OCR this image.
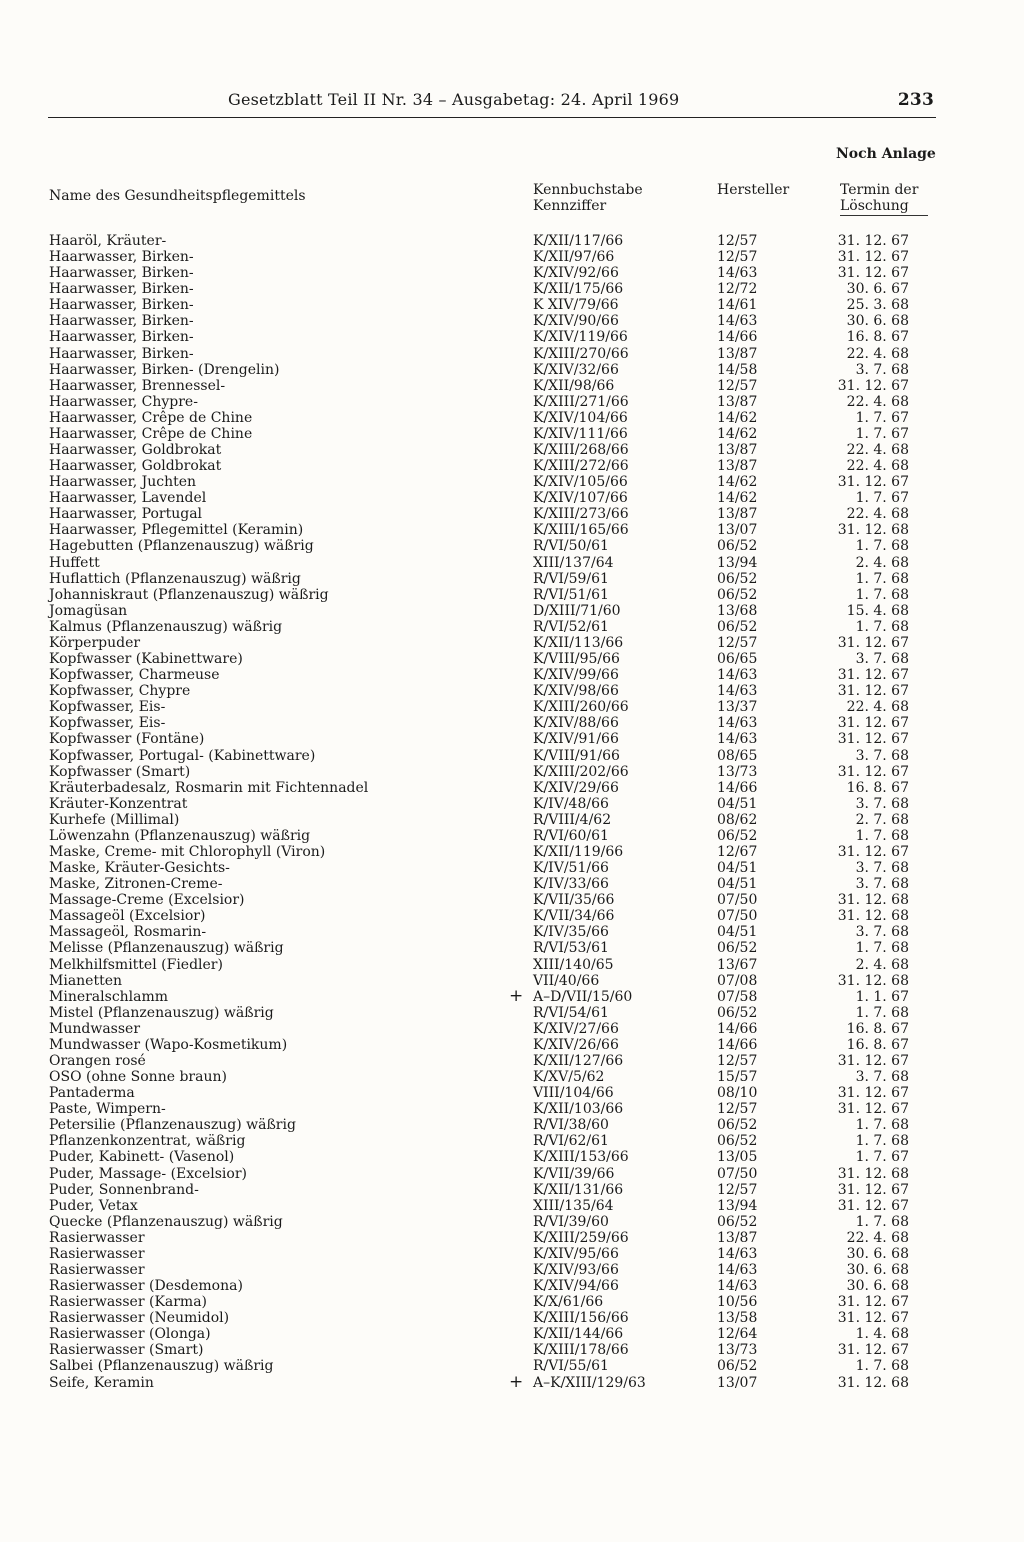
Gesetzblatt Teil II Nr. 34 – Ausgabetag: 24. April 1969	233
Noch Anlage
Name des Gesundheitspflegemittels	Kennbuchstabe
Kennziffer
Hersteller	Termin der
Löschung
Haaröl, Kräuter-	K/XII/117/66	12/57	31. 12. 67
Haarwasser, Birken-	K/XII/97/66	12/57	31. 12. 67
Haarwasser, Birken-	K/XIV/92/66	14/63	31. 12. 67
Haarwasser, Birken-	K/XII/175/66	12/72	30. 6. 67
Haarwasser, Birken-	K XIV/79/66	14/61	25. 3. 68
Haarwasser, Birken-	K/XIV/90/66	14/63	30. 6. 68
Haarwasser, Birken-	K/XIV/119/66	14/66	16. 8. 67
Haarwasser, Birken-	K/XIII/270/66	13/87	22. 4. 68
Haarwasser, Birken- (Drengelin)	K/XIV/32/66	14/58	3. 7. 68
Haarwasser, Brennessel-	K/XII/98/66	12/57	31. 12. 67
Haarwasser, Chypre-	K/XIII/271/66	13/87	22. 4. 68
Haarwasser, Crêpe de Chine	K/XIV/104/66	14/62	1. 7. 67
Haarwasser, Crêpe de Chine	K/XIV/111/66	14/62	1. 7. 67
Haarwasser, Goldbrokat	K/XIII/268/66	13/87	22. 4. 68
Haarwasser, Goldbrokat	K/XIII/272/66	13/87	22. 4. 68
Haarwasser, Juchten	K/XIV/105/66	14/62	31. 12. 67
Haarwasser, Lavendel	K/XIV/107/66	14/62	1. 7. 67
Haarwasser, Portugal	K/XIII/273/66	13/87	22. 4. 68
Haarwasser, Pflegemittel (Keramin)	K/XIII/165/66	13/07	31. 12. 68
Hagebutten (Pflanzenauszug) wäßrig	R/VI/50/61	06/52	1. 7. 68
Huffett	XIII/137/64	13/94	2. 4. 68
Huflattich (Pflanzenauszug) wäßrig	R/VI/59/61	06/52	1. 7. 68
Johanniskraut (Pflanzenauszug) wäßrig	R/VI/51/61	06/52	1. 7. 68
Jomagüsan	D/XIII/71/60	13/68	15. 4. 68
Kalmus (Pflanzenauszug) wäßrig	R/VI/52/61	06/52	1. 7. 68
Körperpuder	K/XII/113/66	12/57	31. 12. 67
Kopfwasser (Kabinettware)	K/VIII/95/66	06/65	3. 7. 68
Kopfwasser, Charmeuse	K/XIV/99/66	14/63	31. 12. 67
Kopfwasser, Chypre	K/XIV/98/66	14/63	31. 12. 67
Kopfwasser, Eis-	K/XIII/260/66	13/37	22. 4. 68
Kopfwasser, Eis-	K/XIV/88/66	14/63	31. 12. 67
Kopfwasser (Fontäne)	K/XIV/91/66	14/63	31. 12. 67
Kopfwasser, Portugal- (Kabinettware)	K/VIII/91/66	08/65	3. 7. 68
Kopfwasser (Smart)	K/XIII/202/66	13/73	31. 12. 67
Kräuterbadesalz, Rosmarin mit Fichtennadel	K/XIV/29/66	14/66	16. 8. 67
Kräuter-Konzentrat	K/IV/48/66	04/51	3. 7. 68
Kurhefe (Millimal)	R/VIII/4/62	08/62	2. 7. 68
Löwenzahn (Pflanzenauszug) wäßrig	R/VI/60/61	06/52	1. 7. 68
Maske, Creme- mit Chlorophyll (Viron)	K/XII/119/66	12/67	31. 12. 67
Maske, Kräuter-Gesichts-	K/IV/51/66	04/51	3. 7. 68
Maske, Zitronen-Creme-	K/IV/33/66	04/51	3. 7. 68
Massage-Creme (Excelsior)	K/VII/35/66	07/50	31. 12. 68
Massageöl (Excelsior)	K/VII/34/66	07/50	31. 12. 68
Massageöl, Rosmarin-	K/IV/35/66	04/51	3. 7. 68
Melisse (Pflanzenauszug) wäßrig	R/VI/53/61	06/52	1. 7. 68
Melkhilfsmittel (Fiedler)	XIII/140/65	13/67	2. 4. 68
Mianetten	VII/40/66	07/08	31. 12. 68
Mineralschlamm	+ A–D/VII/15/60	07/58	1. 1. 67
Mistel (Pflanzenauszug) wäßrig	R/VI/54/61	06/52	1. 7. 68
Mundwasser	K/XIV/27/66	14/66	16. 8. 67
Mundwasser (Wapo-Kosmetikum)	K/XIV/26/66	14/66	16. 8. 67
Orangen rosé	K/XII/127/66	12/57	31. 12. 67
OSO (ohne Sonne braun)	K/XV/5/62	15/57	3. 7. 68
Pantaderma	VIII/104/66	08/10	31. 12. 67
Paste, Wimpern-	K/XII/103/66	12/57	31. 12. 67
Petersilie (Pflanzenauszug) wäßrig	R/VI/38/60	06/52	1. 7. 68
Pflanzenkonzentrat, wäßrig	R/VI/62/61	06/52	1. 7. 68
Puder, Kabinett- (Vasenol)	K/XIII/153/66	13/05	1. 7. 67
Puder, Massage- (Excelsior)	K/VII/39/66	07/50	31. 12. 68
Puder, Sonnenbrand-	K/XII/131/66	12/57	31. 12. 67
Puder, Vetax	XIII/135/64	13/94	31. 12. 67
Quecke (Pflanzenauszug) wäßrig	R/VI/39/60	06/52	1. 7. 68
Rasierwasser	K/XIII/259/66	13/87	22. 4. 68
Rasierwasser	K/XIV/95/66	14/63	30. 6. 68
Rasierwasser	K/XIV/93/66	14/63	30. 6. 68
Rasierwasser (Desdemona)	K/XIV/94/66	14/63	30. 6. 68
Rasierwasser (Karma)	K/X/61/66	10/56	31. 12. 67
Rasierwasser (Neumidol)	K/XIII/156/66	13/58	31. 12. 67
Rasierwasser (Olonga)	K/XII/144/66	12/64	1. 4. 68
Rasierwasser (Smart)	K/XIII/178/66	13/73	31. 12. 67
Salbei (Pflanzenauszug) wäßrig	R/VI/55/61	06/52	1. 7. 68
Seife, Keramin	+ A–K/XIII/129/63	13/07	31. 12. 68
